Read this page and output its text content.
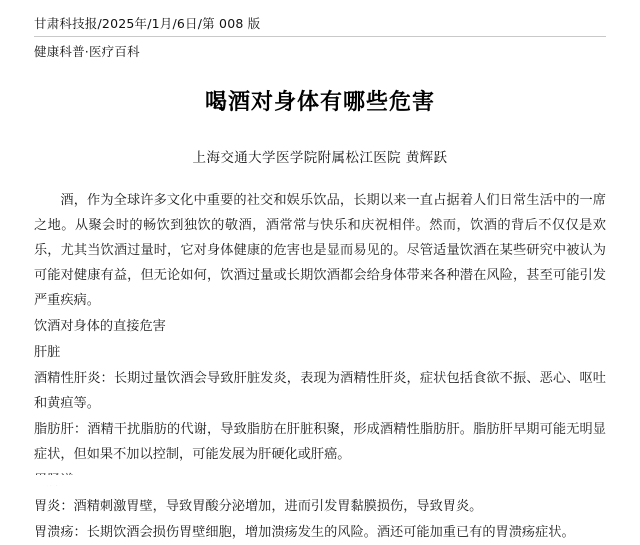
甘肃科技报/2025年/1月/6日/第 008 版
健康科普·医疗百科
喝酒对身体有哪些危害
上海交通大学医学院附属松江医院 黄辉跃

酒，作为全球许多文化中重要的社交和娱乐饮品，长期以来一直占据着人们日常生活中的一席之地。从聚会时的畅饮到独饮的敬酒，酒常常与快乐和庆祝相伴。然而，饮酒的背后不仅仅是欢乐，尤其当饮酒过量时，它对身体健康的危害也是显而易见的。尽管适量饮酒在某些研究中被认为可能对健康有益，但无论如何，饮酒过量或长期饮酒都会给身体带来各种潜在风险，甚至可能引发严重疾病。

饮酒对身体的直接危害

肝脏

酒精性肝炎：长期过量饮酒会导致肝脏发炎，表现为酒精性肝炎，症状包括食欲不振、恶心、呕吐和黄疸等。

脂肪肝：酒精干扰脂肪的代谢，导致脂肪在肝脏积聚，形成酒精性脂肪肝。脂肪肝早期可能无明显症状，但如果不加以控制，可能发展为肝硬化或肝癌。

胃炎：酒精刺激胃壁，导致胃酸分泌增加，进而引发胃黏膜损伤，导致胃炎。

胃溃疡：长期饮酒会损伤胃壁细胞，增加溃疡发生的风险。酒还可能加重已有的胃溃疡症状。
